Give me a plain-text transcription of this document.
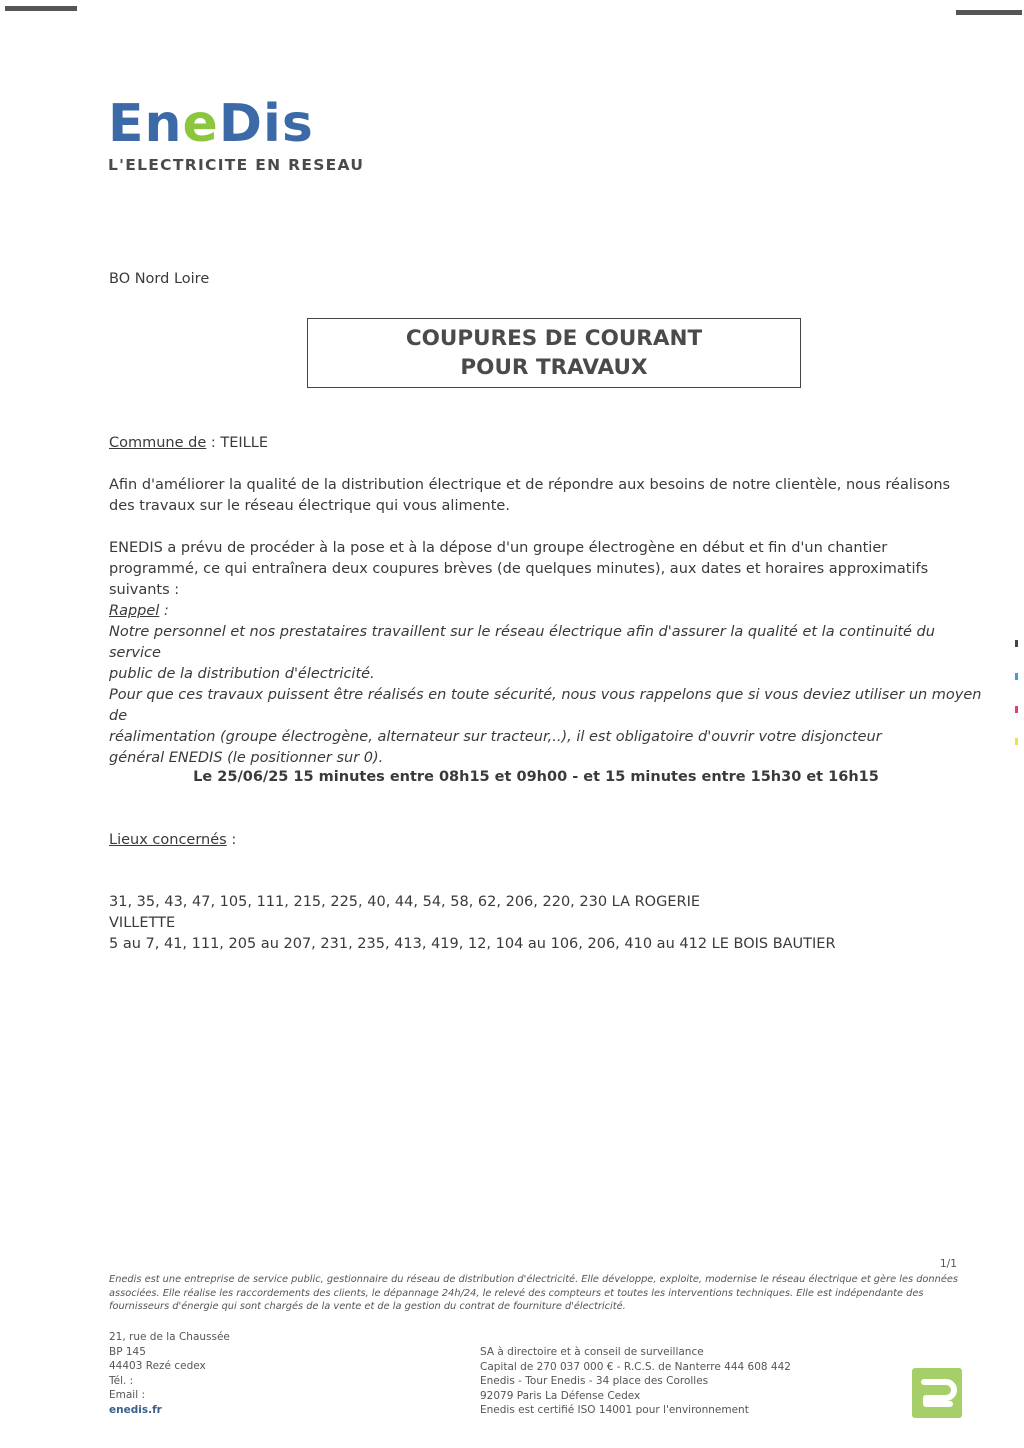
EneDis
L'ELECTRICITE EN RESEAU
BO Nord Loire
COUPURES DE COURANT
POUR TRAVAUX
Commune de : TEILLE
Afin d'améliorer la qualité de la distribution électrique et de répondre aux besoins de notre clientèle, nous réalisons des travaux sur le réseau électrique qui vous alimente.
ENEDIS a prévu de procéder à la pose et à la dépose d'un groupe électrogène en début et fin d'un chantier programmé, ce qui entraînera deux coupures brèves (de quelques minutes), aux dates et horaires approximatifs suivants :
Rappel :
Notre personnel et nos prestataires travaillent sur le réseau électrique afin d'assurer la qualité et la continuité du service
public de la distribution d'électricité.
Pour que ces travaux puissent être réalisés en toute sécurité, nous vous rappelons que si vous deviez utiliser un moyen de
réalimentation (groupe électrogène, alternateur sur tracteur,..), il est obligatoire d'ouvrir votre disjoncteur
général ENEDIS (le positionner sur 0).
Le 25/06/25 15 minutes entre 08h15 et 09h00 - et 15 minutes entre 15h30 et 16h15
Lieux concernés :
31, 35, 43, 47, 105, 111, 215, 225, 40, 44, 54, 58, 62, 206, 220, 230 LA ROGERIE
VILLETTE
5 au 7, 41, 111, 205 au 207, 231, 235, 413, 419, 12, 104 au 106, 206, 410 au 412 LE BOIS BAUTIER
1/1
Enedis est une entreprise de service public, gestionnaire du réseau de distribution d'électricité. Elle développe, exploite, modernise le réseau électrique et gère les données
associées. Elle réalise les raccordements des clients, le dépannage 24h/24, le relevé des compteurs et toutes les interventions techniques. Elle est indépendante des
fournisseurs d'énergie qui sont chargés de la vente et de la gestion du contrat de fourniture d'électricité.
21, rue de la Chaussée
BP 145
44403 Rezé cedex
Tél. :
Email :
enedis.fr
SA à directoire et à conseil de surveillance
Capital de 270 037 000 € - R.C.S. de Nanterre 444 608 442
Enedis - Tour Enedis - 34 place des Corolles
92079 Paris La Défense Cedex
Enedis est certifié ISO 14001 pour l'environnement
